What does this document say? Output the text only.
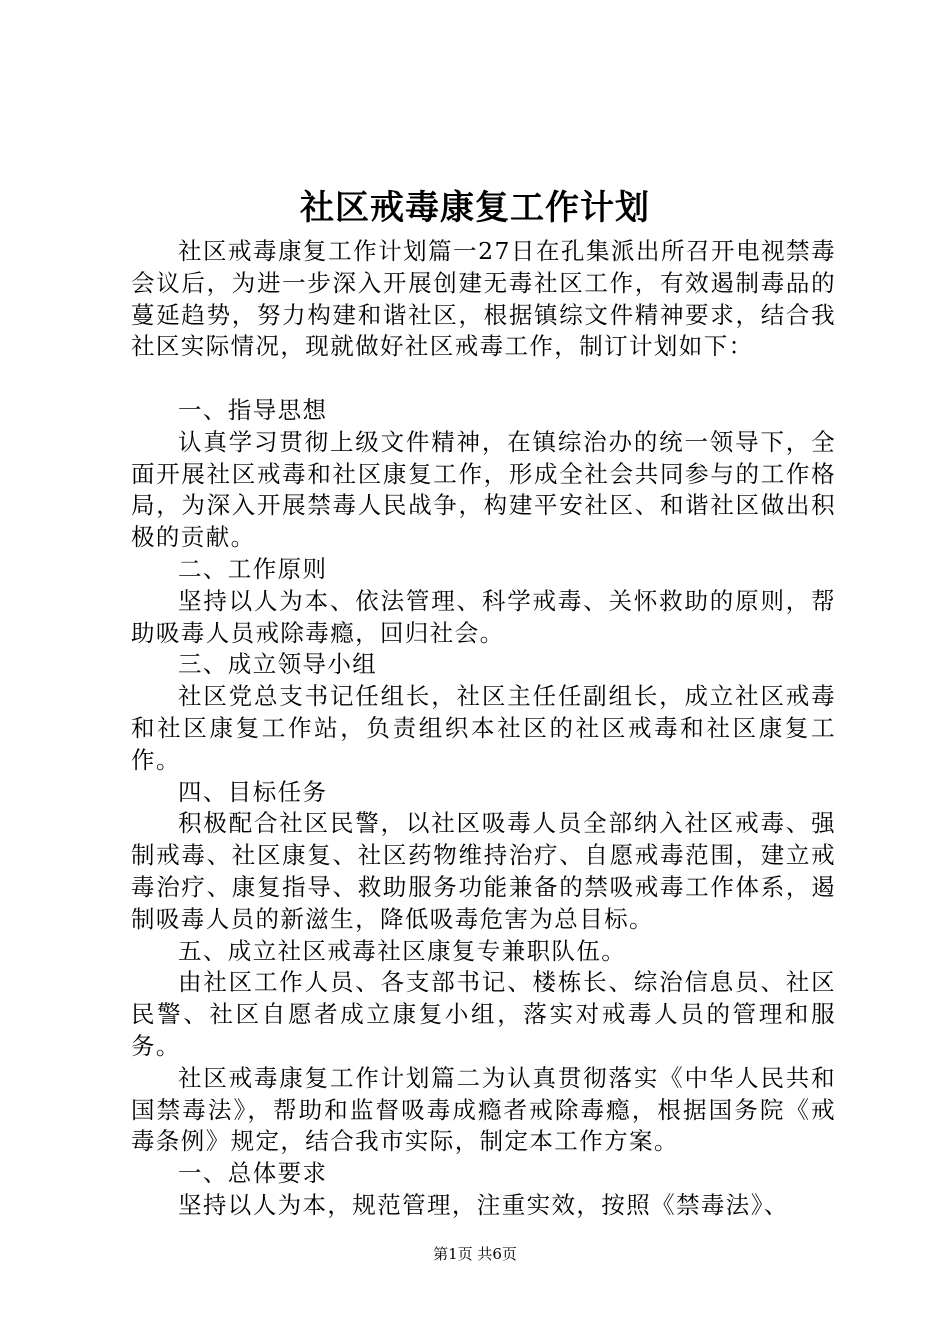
社区戒毒康复工作计划

社区戒毒康复工作计划篇一27日在孔集派出所召开电视禁毒会议后，为进一步深入开展创建无毒社区工作，有效遏制毒品的蔓延趋势，努力构建和谐社区，根据镇综文件精神要求，结合我社区实际情况，现就做好社区戒毒工作，制订计划如下：

一、指导思想

认真学习贯彻上级文件精神，在镇综治办的统一领导下，全面开展社区戒毒和社区康复工作，形成全社会共同参与的工作格局，为深入开展禁毒人民战争，构建平安社区、和谐社区做出积极的贡献。

二、工作原则

坚持以人为本、依法管理、科学戒毒、关怀救助的原则，帮助吸毒人员戒除毒瘾，回归社会。

三、成立领导小组

社区党总支书记任组长，社区主任任副组长，成立社区戒毒和社区康复工作站，负责组织本社区的社区戒毒和社区康复工作。

四、目标任务

积极配合社区民警，以社区吸毒人员全部纳入社区戒毒、强制戒毒、社区康复、社区药物维持治疗、自愿戒毒范围，建立戒毒治疗、康复指导、救助服务功能兼备的禁吸戒毒工作体系，遏制吸毒人员的新滋生，降低吸毒危害为总目标。

五、成立社区戒毒社区康复专兼职队伍。

由社区工作人员、各支部书记、楼栋长、综治信息员、社区民警、社区自愿者成立康复小组，落实对戒毒人员的管理和服务。

社区戒毒康复工作计划篇二为认真贯彻落实《中华人民共和国禁毒法》，帮助和监督吸毒成瘾者戒除毒瘾，根据国务院《戒毒条例》规定，结合我市实际，制定本工作方案。

一、总体要求

坚持以人为本，规范管理，注重实效，按照《禁毒法》、

第1页 共6页
